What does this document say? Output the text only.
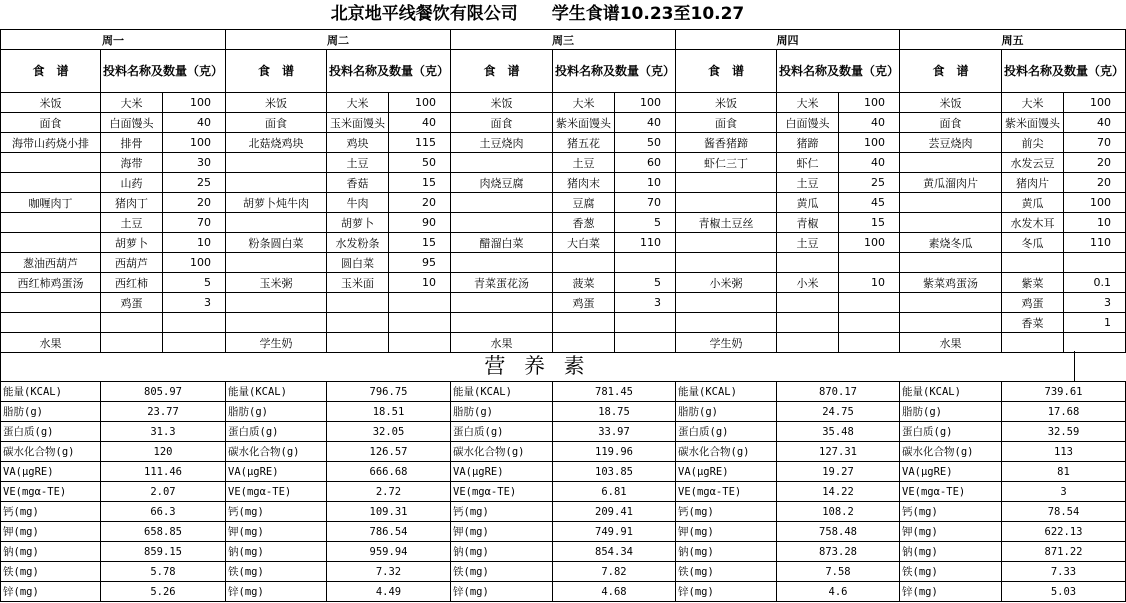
北京地平线餐饮有限公司　　学生食谱10.23至10.27
周一			周二			周三			周四			周五		
食　谱	投料名称及数量（克）		食　谱	投料名称及数量（克）		食　谱	投料名称及数量（克）		食　谱	投料名称及数量（克）		食　谱	投料名称及数量（克）	
米饭	大米	100	米饭	大米	100	米饭	大米	100	米饭	大米	100	米饭	大米	100
面食	白面馒头	40	面食	玉米面馒头	40	面食	紫米面馒头	40	面食	白面馒头	40	面食	紫米面馒头	40
海带山药烧小排	排骨	100	北菇烧鸡块	鸡块	115	土豆烧肉	猪五花	50	酱香猪蹄	猪蹄	100	芸豆烧肉	前尖	70
	海带	30		土豆	50		土豆	60	虾仁三丁	虾仁	40		水发云豆	20
	山药	25		香菇	15	肉烧豆腐	猪肉末	10		土豆	25	黄瓜溜肉片	猪肉片	20
咖喱肉丁	猪肉丁	20	胡萝卜炖牛肉	牛肉	20		豆腐	70		黄瓜	45		黄瓜	100
	土豆	70		胡萝卜	90		香葱	5	青椒土豆丝	青椒	15		水发木耳	10
	胡萝卜	10	粉条圆白菜	水发粉条	15	醋溜白菜	大白菜	110		土豆	100	素烧冬瓜	冬瓜	110
葱油西葫芦	西葫芦	100		圆白菜	95									
西红柿鸡蛋汤	西红柿	5	玉米粥	玉米面	10	青菜蛋花汤	菠菜	5	小米粥	小米	10	紫菜鸡蛋汤	紫菜	0.1
	鸡蛋	3					鸡蛋	3					鸡蛋	3
													香菜	1
水果			学生奶			水果			学生奶			水果		
营 养 素
能量(KCAL)	805.97	能量(KCAL)	796.75	能量(KCAL)	781.45	能量(KCAL)	870.17	能量(KCAL)	739.61
脂肪(g)	23.77	脂肪(g)	18.51	脂肪(g)	18.75	脂肪(g)	24.75	脂肪(g)	17.68
蛋白质(g)	31.3	蛋白质(g)	32.05	蛋白质(g)	33.97	蛋白质(g)	35.48	蛋白质(g)	32.59
碳水化合物(g)	120	碳水化合物(g)	126.57	碳水化合物(g)	119.96	碳水化合物(g)	127.31	碳水化合物(g)	113
VA(μgRE)	111.46	VA(μgRE)	666.68	VA(μgRE)	103.85	VA(μgRE)	19.27	VA(μgRE)	81
VE(mgα-TE)	2.07	VE(mgα-TE)	2.72	VE(mgα-TE)	6.81	VE(mgα-TE)	14.22	VE(mgα-TE)	3
钙(mg)	66.3	钙(mg)	109.31	钙(mg)	209.41	钙(mg)	108.2	钙(mg)	78.54
钾(mg)	658.85	钾(mg)	786.54	钾(mg)	749.91	钾(mg)	758.48	钾(mg)	622.13
钠(mg)	859.15	钠(mg)	959.94	钠(mg)	854.34	钠(mg)	873.28	钠(mg)	871.22
铁(mg)	5.78	铁(mg)	7.32	铁(mg)	7.82	铁(mg)	7.58	铁(mg)	7.33
锌(mg)	5.26	锌(mg)	4.49	锌(mg)	4.68	锌(mg)	4.6	锌(mg)	5.03
